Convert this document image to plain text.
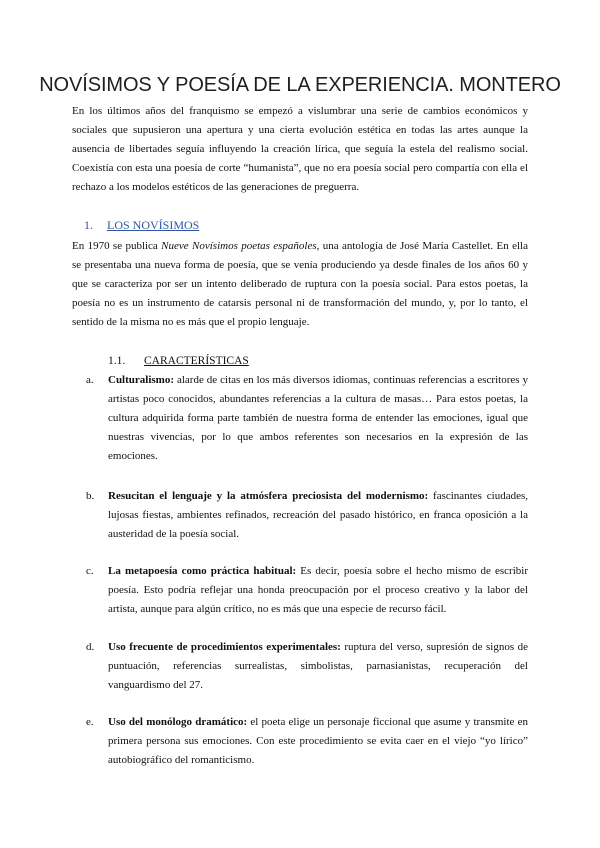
NOVÍSIMOS Y POESÍA DE LA EXPERIENCIA. MONTERO

En los últimos años del franquismo se empezó a vislumbrar una serie de cambios económicos y sociales que supusieron una apertura y una cierta evolución estética en todas las artes aunque la ausencia de libertades seguía influyendo la creación lírica, que seguía la estela del realismo social. Coexistía con esta una poesía de corte “humanista”, que no era poesía social pero compartía con ella el rechazo a los modelos estéticos de las generaciones de preguerra.

1. LOS NOVÍSIMOS

En 1970 se publica Nueve Novísimos poetas españoles, una antología de José María Castellet. En ella se presentaba una nueva forma de poesía, que se venía produciendo ya desde finales de los años 60 y que se caracteriza por ser un intento deliberado de ruptura con la poesía social. Para estos poetas, la poesía no es un instrumento de catarsis personal ni de transformación del mundo, y, por lo tanto, el sentido de la misma no es más que el propio lenguaje.

1.1. CARACTERÍSTICAS
a.	Culturalismo: alarde de citas en los más diversos idiomas, continuas referencias a escritores y artistas poco conocidos, abundantes referencias a la cultura de masas… Para estos poetas, la cultura adquirida forma parte también de nuestra forma de entender las emociones, igual que nuestras vivencias, por lo que ambos referentes son necesarios en la expresión de las emociones.

b.	Resucitan el lenguaje y la atmósfera preciosista del modernismo: fascinantes ciudades, lujosas fiestas, ambientes refinados, recreación del pasado histórico, en franca oposición a la austeridad de la poesía social.

c.	La metapoesía como práctica habitual: Es decir, poesía sobre el hecho mismo de escribir poesía. Esto podría reflejar una honda preocupación por el proceso creativo y la labor del artista, aunque para algún crítico, no es más que una especie de recurso fácil.

d.	Uso frecuente de procedimientos experimentales: ruptura del verso, supresión de signos de puntuación, referencias surrealistas, simbolistas, parnasianistas, recuperación del vanguardismo del 27.

e.	Uso del monólogo dramático: el poeta elige un personaje ficcional que asume y transmite en primera persona sus emociones. Con este procedimiento se evita caer en el viejo “yo lírico” autobiográfico del romanticismo.
